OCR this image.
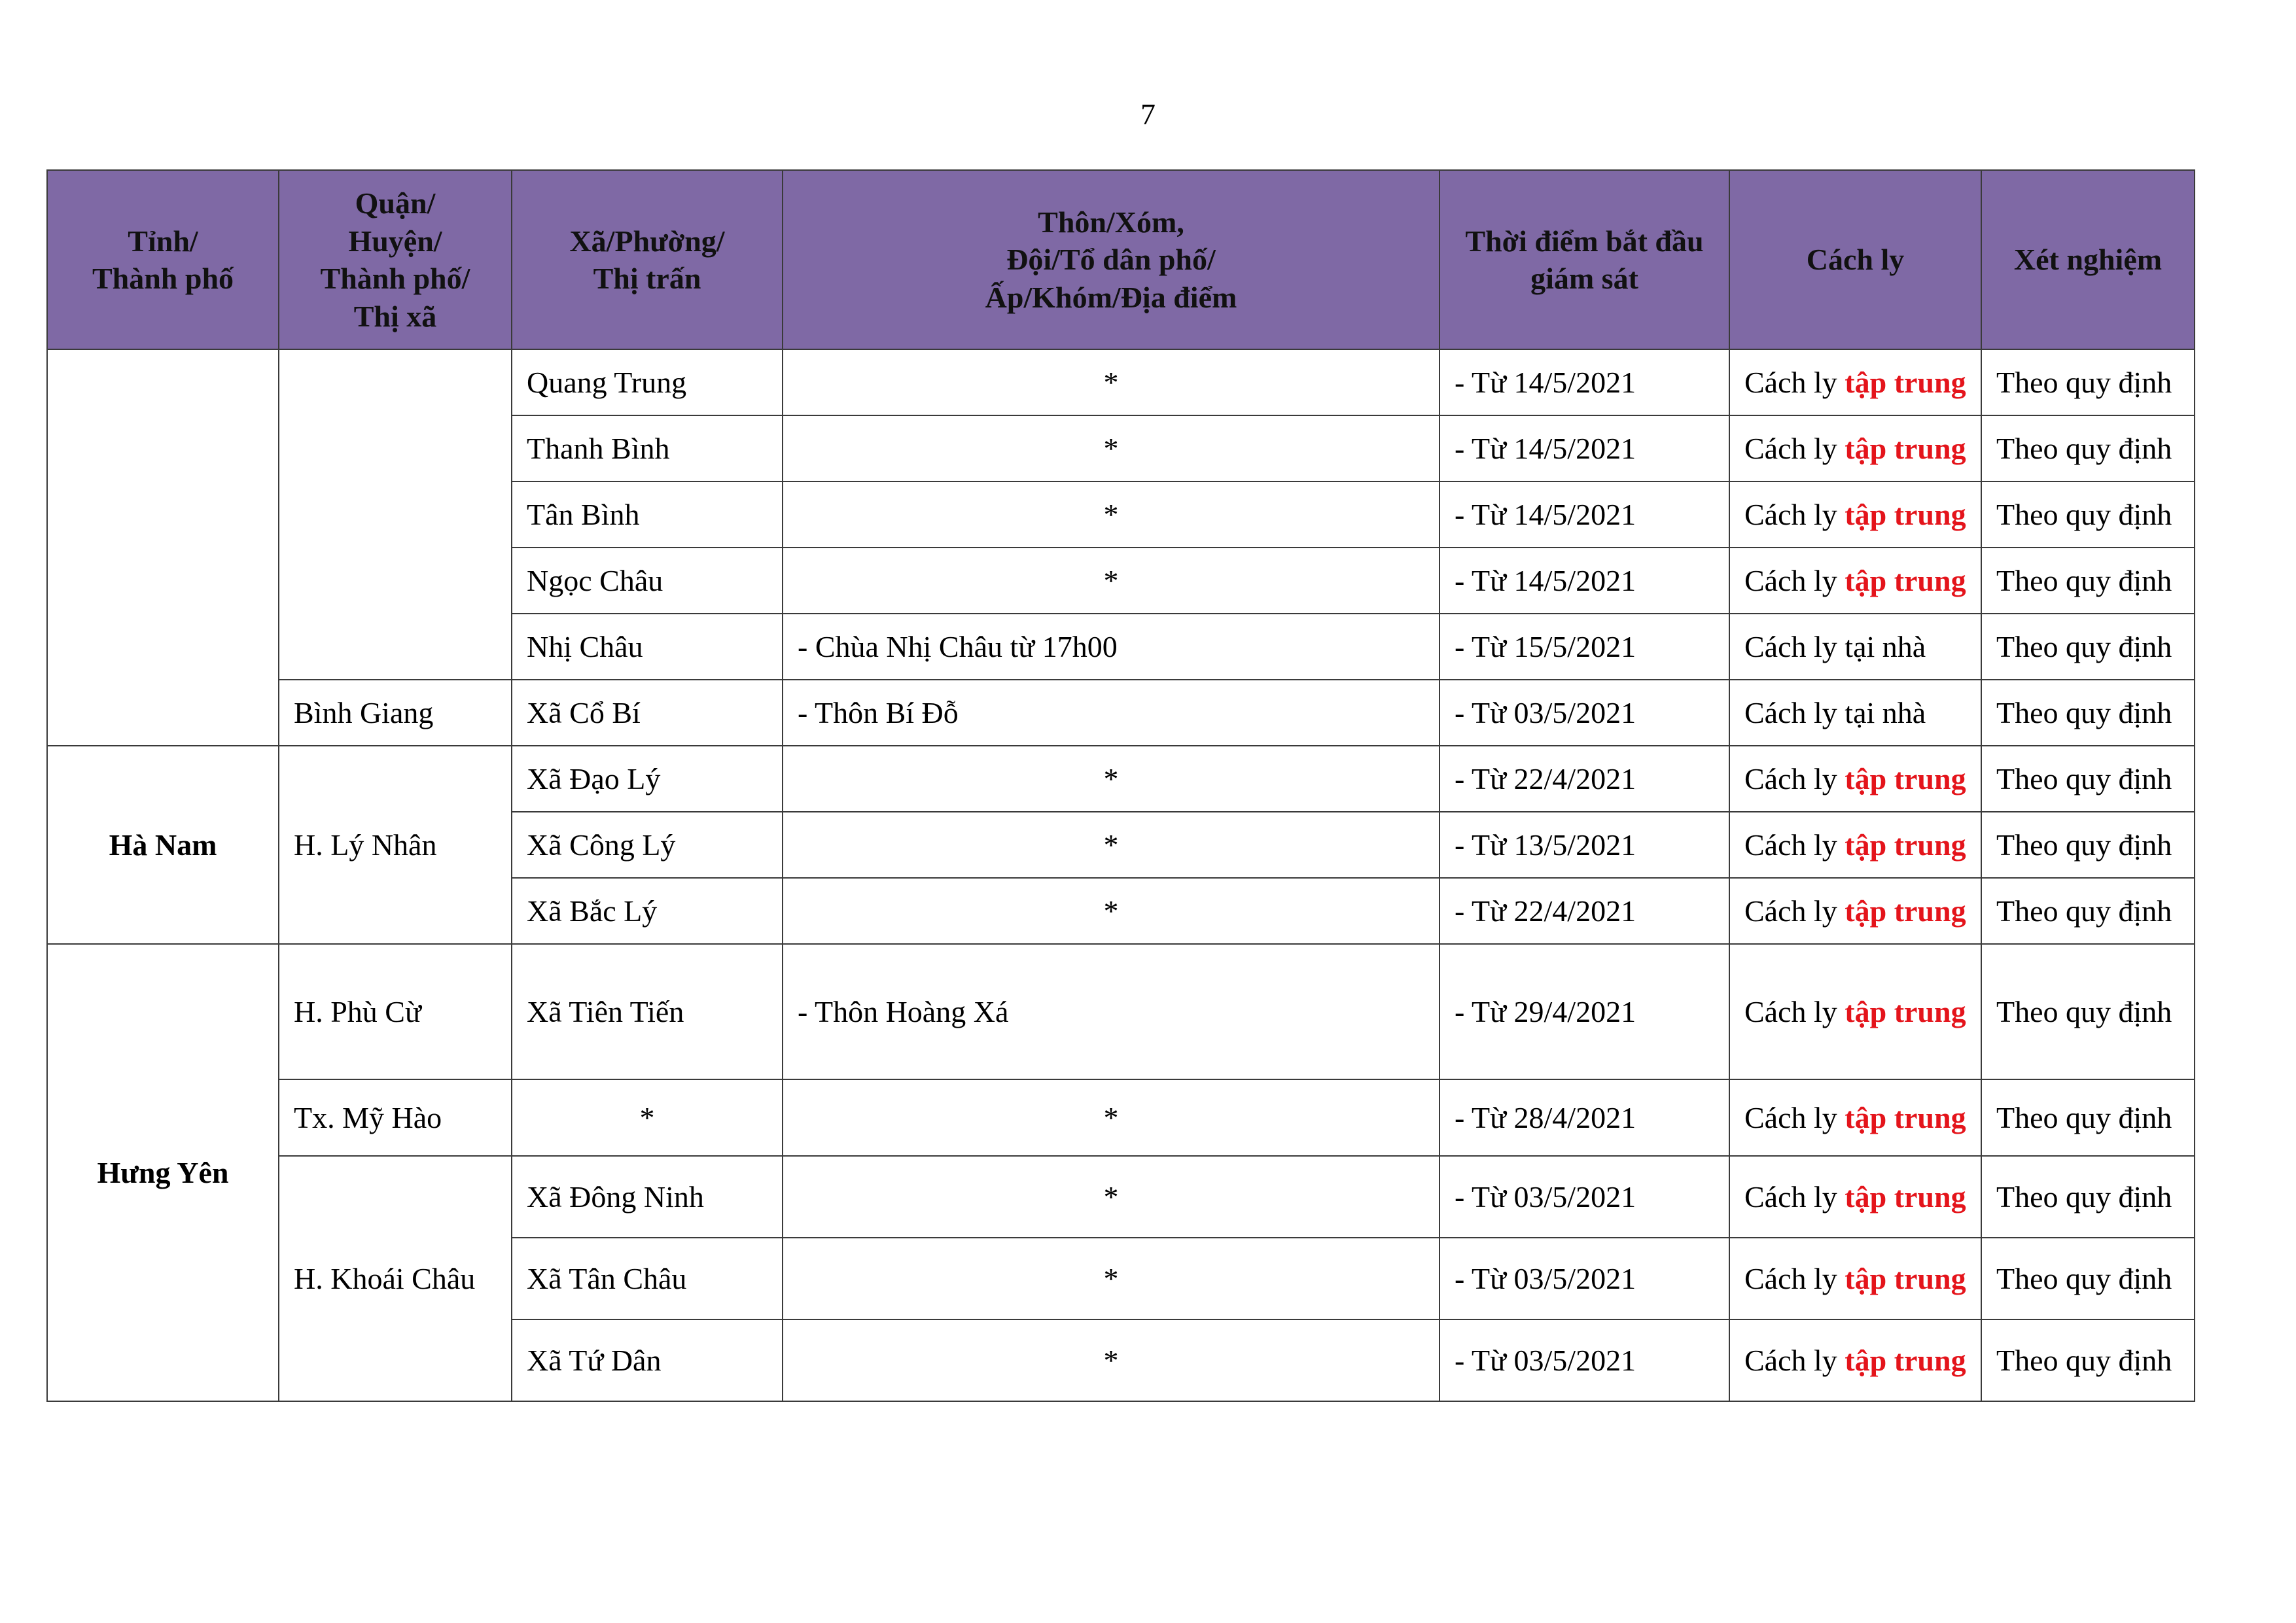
7
Tỉnh/
Thành phố	Quận/
Huyện/
Thành phố/
Thị xã	Xã/Phường/
Thị trấn	Thôn/Xóm,
Đội/Tổ dân phố/
Ấp/Khóm/Địa điểm	Thời điểm bắt đầu
giám sát	Cách ly	Xét nghiệm
		Quang Trung	*	- Từ 14/5/2021	Cách ly tập trung	Theo quy định
		Thanh Bình	*	- Từ 14/5/2021	Cách ly tập trung	Theo quy định
		Tân Bình	*	- Từ 14/5/2021	Cách ly tập trung	Theo quy định
		Ngọc Châu	*	- Từ 14/5/2021	Cách ly tập trung	Theo quy định
		Nhị Châu	- Chùa Nhị Châu từ 17h00	- Từ 15/5/2021	Cách ly tại nhà	Theo quy định
	Bình Giang	Xã Cổ Bí	- Thôn Bí Đỗ	- Từ 03/5/2021	Cách ly tại nhà	Theo quy định
Hà Nam	H. Lý Nhân	Xã Đạo Lý	*	- Từ 22/4/2021	Cách ly tập trung	Theo quy định
		Xã Công Lý	*	- Từ 13/5/2021	Cách ly tập trung	Theo quy định
		Xã Bắc Lý	*	- Từ 22/4/2021	Cách ly tập trung	Theo quy định
Hưng Yên	H. Phù Cừ	Xã Tiên Tiến	- Thôn Hoàng Xá	- Từ 29/4/2021	Cách ly tập trung	Theo quy định
	Tx. Mỹ Hào	*	*	- Từ 28/4/2021	Cách ly tập trung	Theo quy định
	H. Khoái Châu	Xã Đông Ninh	*	- Từ 03/5/2021	Cách ly tập trung	Theo quy định
		Xã Tân Châu	*	- Từ 03/5/2021	Cách ly tập trung	Theo quy định
		Xã Tứ Dân	*	- Từ 03/5/2021	Cách ly tập trung	Theo quy định
